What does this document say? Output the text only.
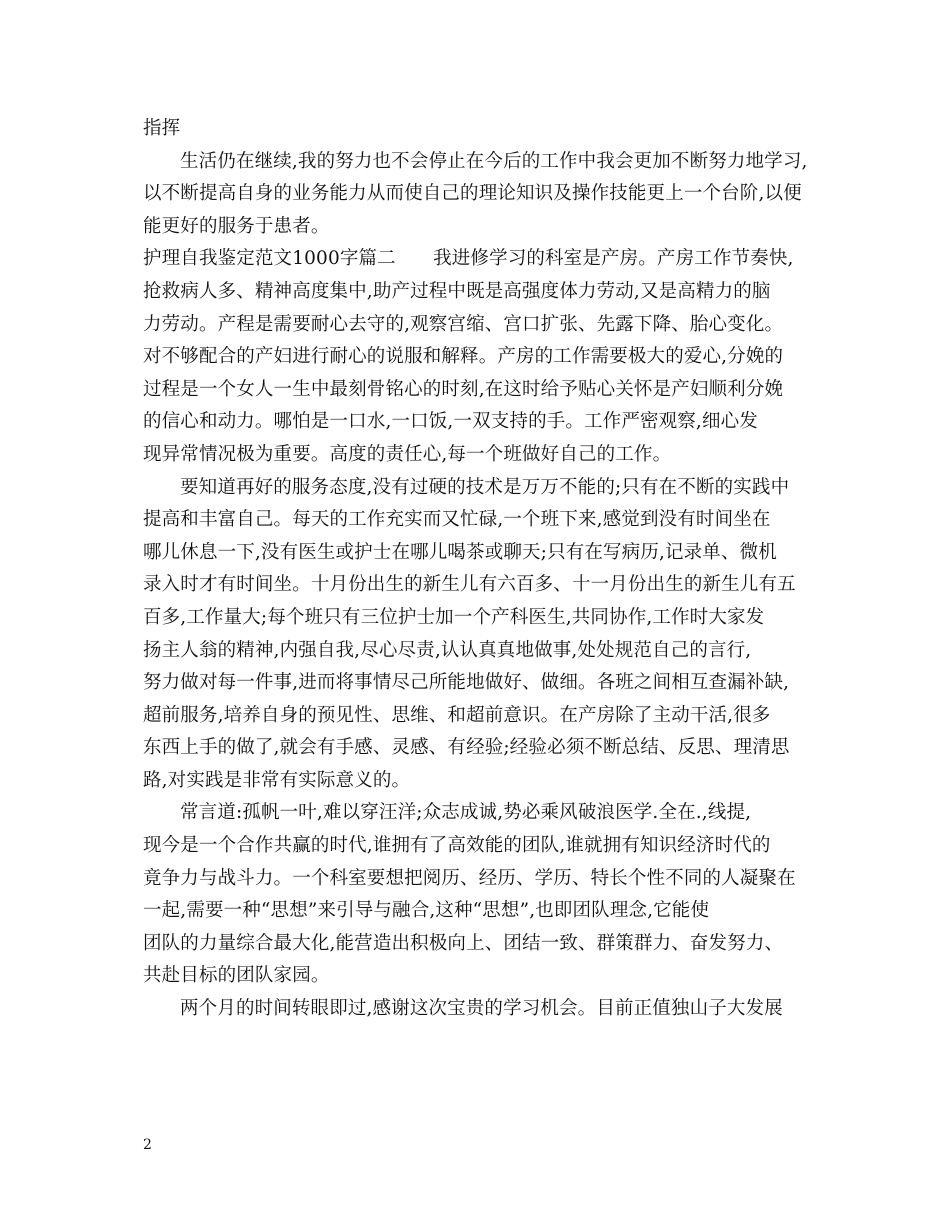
指挥
生活仍在继续,我的努力也不会停止在今后的工作中我会更加不断努力地学习,
以不断提高自身的业务能力从而使自己的理论知识及操作技能更上一个台阶,以便
能更好的服务于患者。
护理自我鉴定范文1000字篇二　　我进修学习的科室是产房。产房工作节奏快,
抢救病人多、精神高度集中,助产过程中既是高强度体力劳动,又是高精力的脑
力劳动。产程是需要耐心去守的,观察宫缩、宫口扩张、先露下降、胎心变化。
对不够配合的产妇进行耐心的说服和解释。产房的工作需要极大的爱心,分娩的
过程是一个女人一生中最刻骨铭心的时刻,在这时给予贴心关怀是产妇顺利分娩
的信心和动力。哪怕是一口水,一口饭,一双支持的手。工作严密观察,细心发
现异常情况极为重要。高度的责任心,每一个班做好自己的工作。
要知道再好的服务态度,没有过硬的技术是万万不能的;只有在不断的实践中
提高和丰富自己。每天的工作充实而又忙碌,一个班下来,感觉到没有时间坐在
哪儿休息一下,没有医生或护士在哪儿喝茶或聊天;只有在写病历,记录单、微机
录入时才有时间坐。十月份出生的新生儿有六百多、十一月份出生的新生儿有五
百多,工作量大;每个班只有三位护士加一个产科医生,共同协作,工作时大家发
扬主人翁的精神,内强自我,尽心尽责,认认真真地做事,处处规范自己的言行,
努力做对每一件事,进而将事情尽己所能地做好、做细。各班之间相互查漏补缺,
超前服务,培养自身的预见性、思维、和超前意识。在产房除了主动干活,很多
东西上手的做了,就会有手感、灵感、有经验;经验必须不断总结、反思、理清思
路,对实践是非常有实际意义的。
常言道:孤帆一叶,难以穿汪洋;众志成诚,势必乘风破浪医学.全在.,线提,
现今是一个合作共赢的时代,谁拥有了高效能的团队,谁就拥有知识经济时代的
竟争力与战斗力。一个科室要想把阅历、经历、学历、特长个性不同的人凝聚在
一起,需要一种“思想”来引导与融合,这种“思想”,也即团队理念,它能使
团队的力量综合最大化,能营造出积极向上、团结一致、群策群力、奋发努力、
共赴目标的团队家园。
两个月的时间转眼即过,感谢这次宝贵的学习机会。目前正值独山子大发展
2
